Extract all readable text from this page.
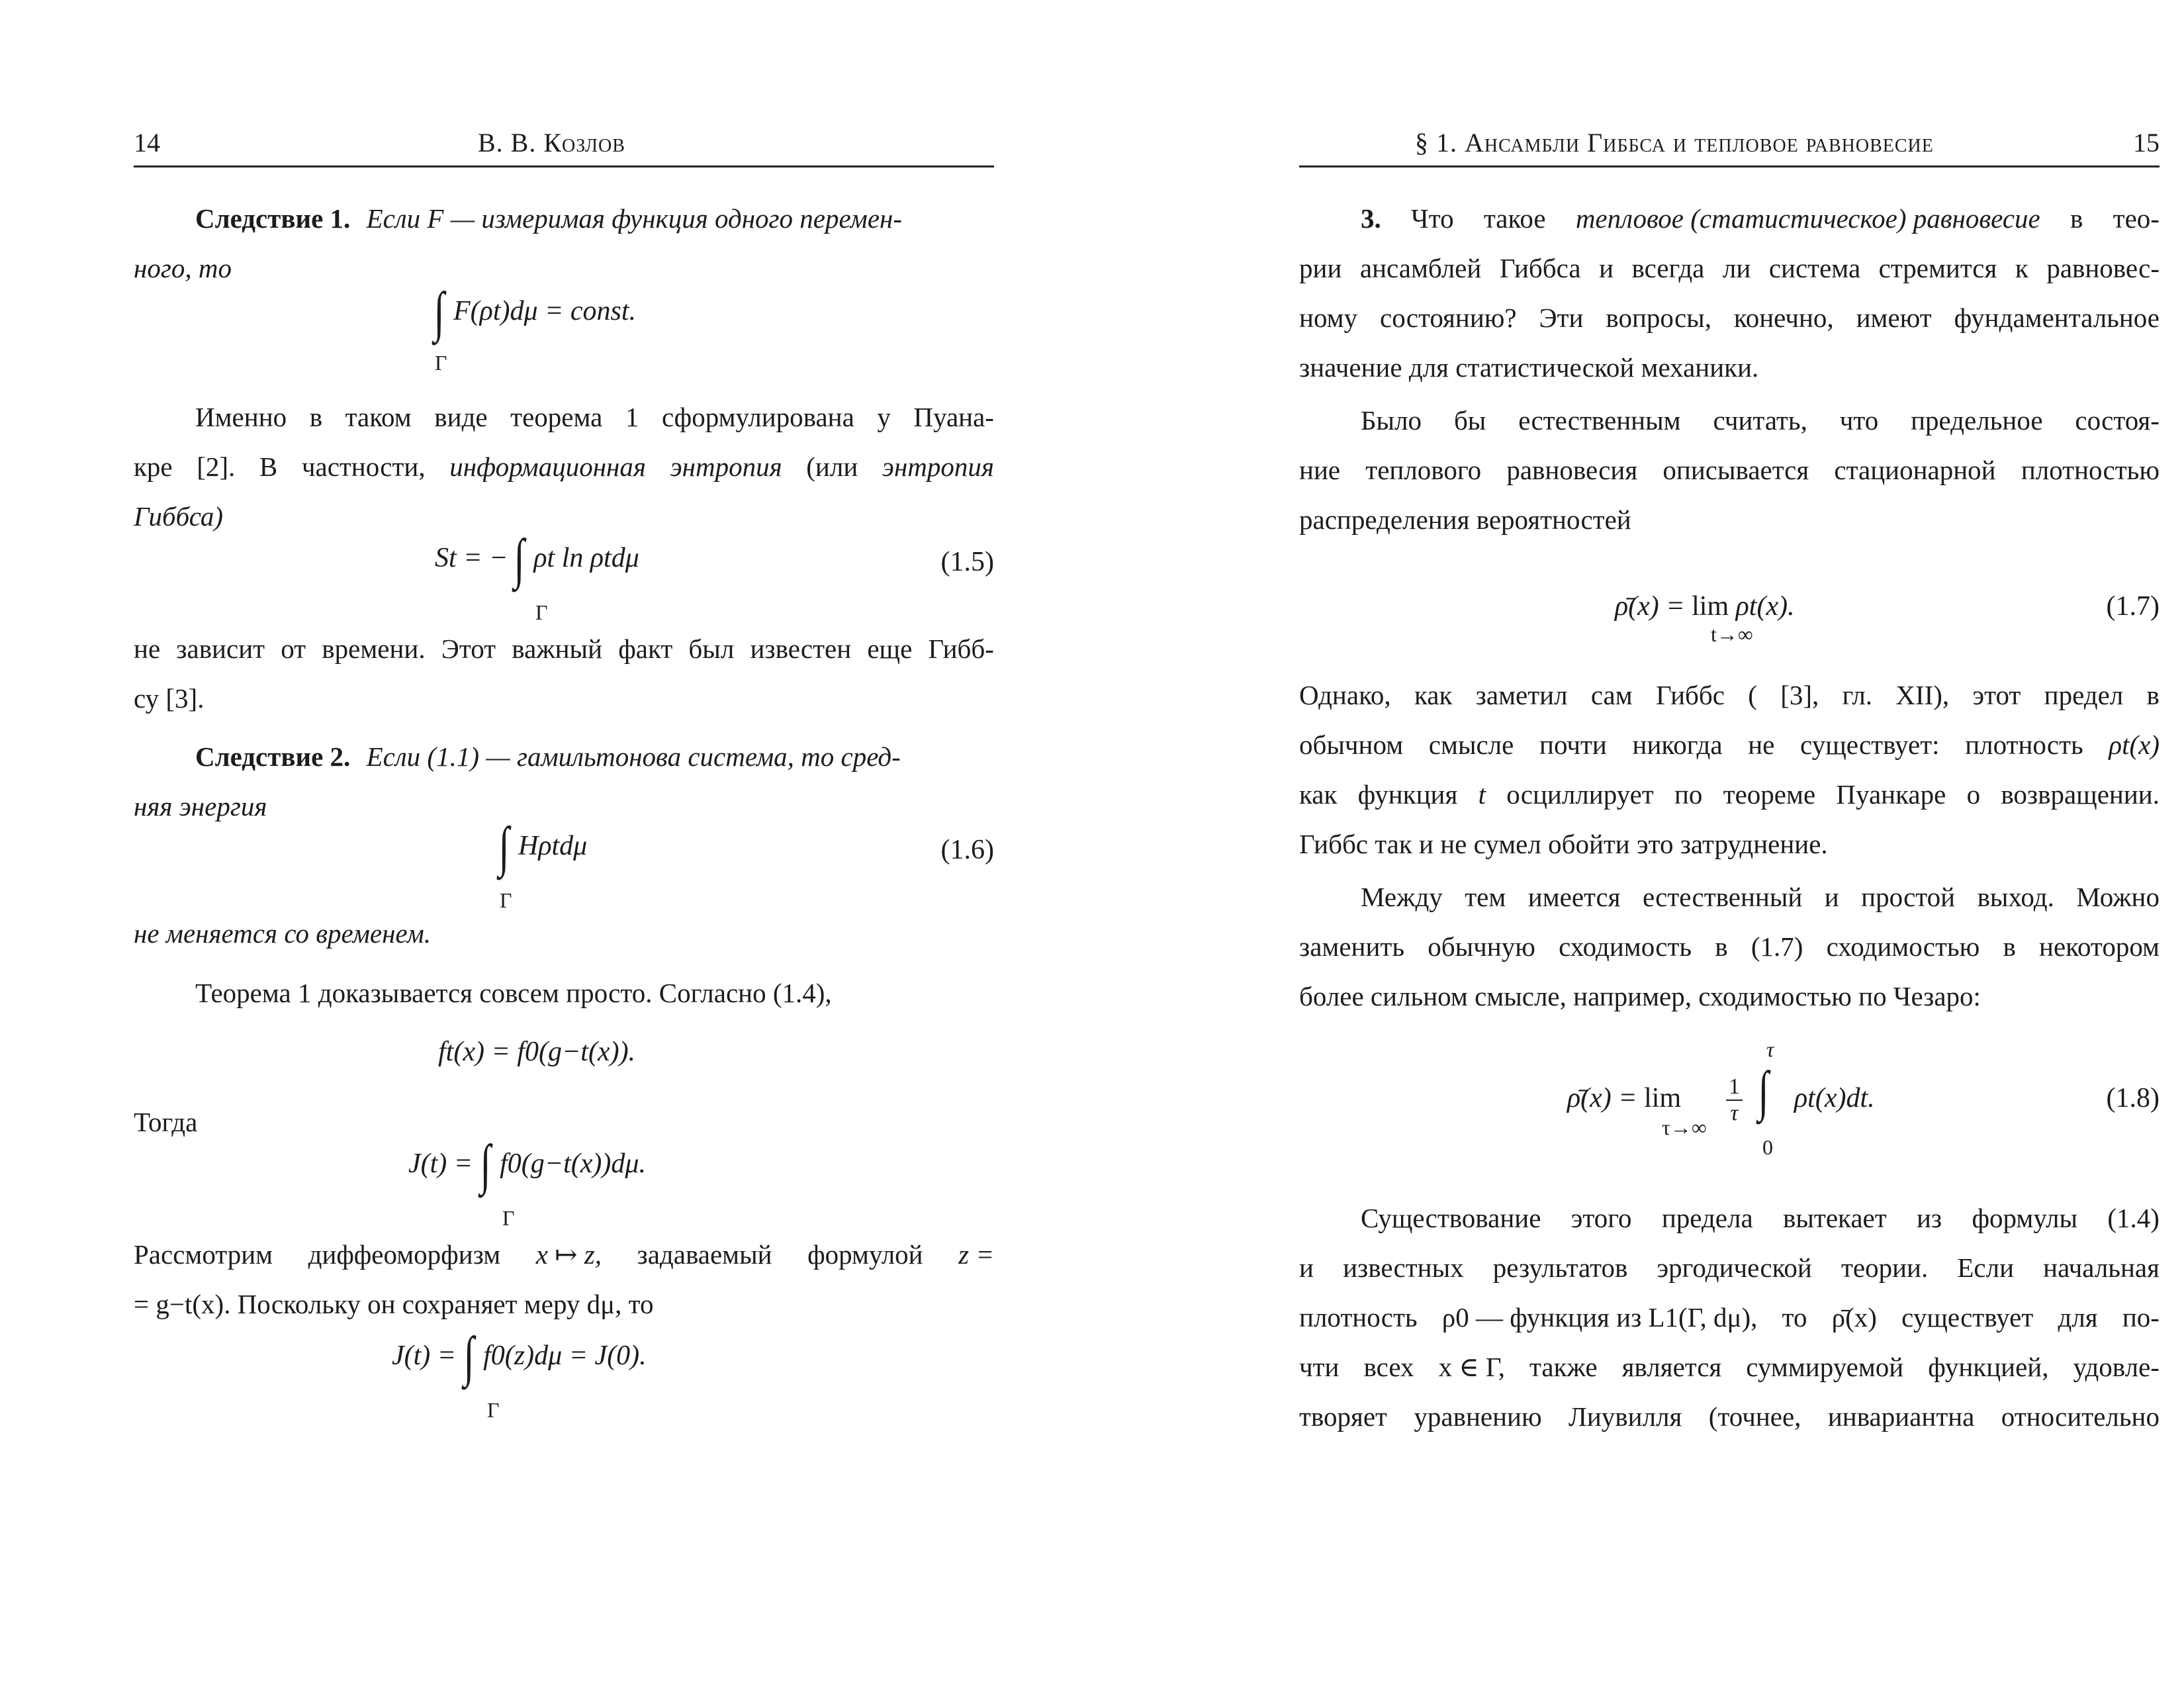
14	В. В. Козлов
Следствие 1. Если F — измеримая функция одного перемен-
ного, то
∫ F(ρt)dμ = const.
Γ
Именно в таком виде теорема 1 сформулирована у Пуана-
кре [2]. В частности, информационная энтропия (или энтропия
Гиббса)
St = − ∫ ρt ln ρtdμ
Γ
(1.5)
не зависит от времени. Этот важный факт был известен еще Гибб-
су [3].
Следствие 2. Если (1.1) — гамильтонова система, то сред-
няя энергия
∫ Hρtdμ
Γ
(1.6)
не меняется со временем.
Теорема 1 доказывается совсем просто. Согласно (1.4),
ft(x) = f0(g−t(x)).
Тогда
J(t) = ∫ f0(g−t(x))dμ.
Γ
Рассмотрим диффеоморфизм x ↦ z, задаваемый формулой z =
= g−t(x). Поскольку он сохраняет меру dμ, то
J(t) = ∫ f0(z)dμ = J(0).
Γ
§ 1. Ансамбли Гиббса и тепловое равновесие	15
3. Что такое тепловое (статистическое) равновесие в тео-
рии ансамблей Гиббса и всегда ли система стремится к равновес-
ному состоянию? Эти вопросы, конечно, имеют фундаментальное
значение для статистической механики.
Было бы естественным считать, что предельное состоя-
ние теплового равновесия описывается стационарной плотностью
распределения вероятностей
ρ̄(x) = lim ρt(x).
t→∞
(1.7)
Однако, как заметил сам Гиббс ( [3], гл. XII), этот предел в
обычном смысле почти никогда не существует: плотность ρt(x)
как функция t осциллирует по теореме Пуанкаре о возвращении.
Гиббс так и не сумел обойти это затруднение.
Между тем имеется естественный и простой выход. Можно
заменить обычную сходимость в (1.7) сходимостью в некотором
более сильном смысле, например, сходимостью по Чезаро:
ρ̄(x) = lim
τ→∞
$\frac{1}{\tau}$ ∫
τ
0
ρt(x)dt.	(1.8)
Существование этого предела вытекает из формулы (1.4)
и известных результатов эргодической теории. Если начальная
плотность ρ0 — функция из L1(Γ, dμ), то ρ̄(x) существует для по-
чти всех x ∈ Γ, также является суммируемой функцией, удовле-
творяет уравнению Лиувилля (точнее, инвариантна относительно
